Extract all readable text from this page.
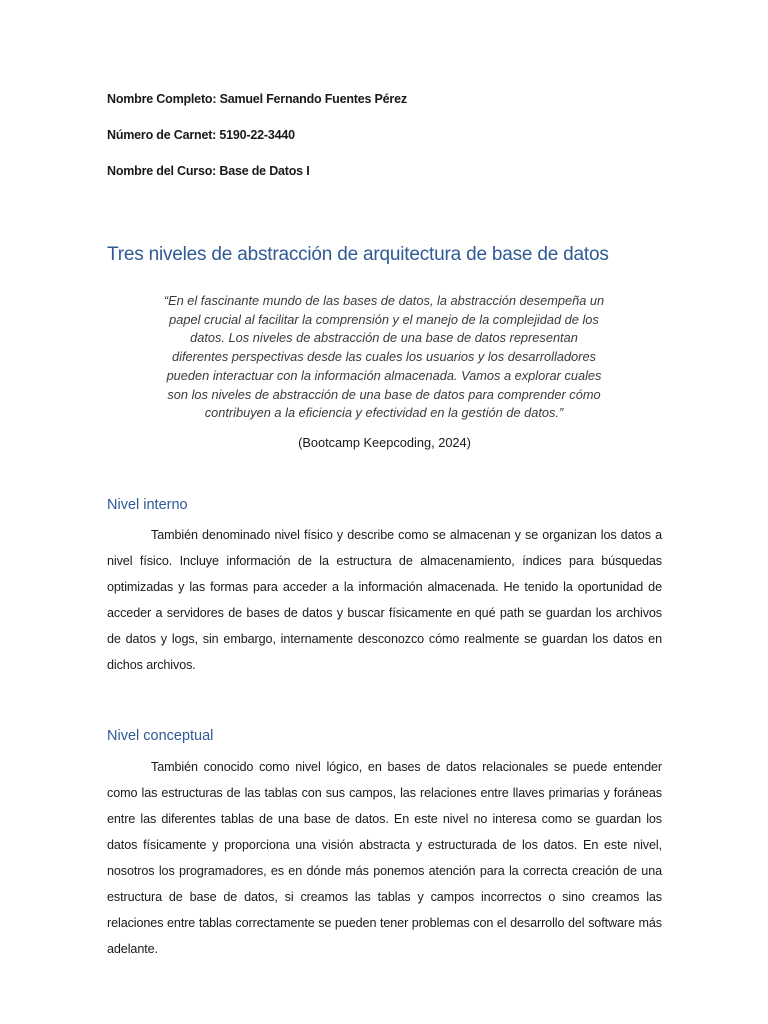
Nombre Completo: Samuel Fernando Fuentes Pérez
Número de Carnet: 5190-22-3440
Nombre del Curso: Base de Datos I
Tres niveles de abstracción de arquitectura de base de datos
“En el fascinante mundo de las bases de datos, la abstracción desempeña un papel crucial al facilitar la comprensión y el manejo de la complejidad de los datos. Los niveles de abstracción de una base de datos representan diferentes perspectivas desde las cuales los usuarios y los desarrolladores pueden interactuar con la información almacenada. Vamos a explorar cuales son los niveles de abstracción de una base de datos para comprender cómo contribuyen a la eficiencia y efectividad en la gestión de datos.”
(Bootcamp Keepcoding, 2024)
Nivel interno
También denominado nivel físico y describe como se almacenan y se organizan los datos a nivel físico. Incluye información de la estructura de almacenamiento, índices para búsquedas optimizadas y las formas para acceder a la información almacenada. He tenido la oportunidad de acceder a servidores de bases de datos y buscar físicamente en qué path se guardan los archivos de datos y logs, sin embargo, internamente desconozco cómo realmente se guardan los datos en dichos archivos.
Nivel conceptual
También conocido como nivel lógico, en bases de datos relacionales se puede entender como las estructuras de las tablas con sus campos, las relaciones entre llaves primarias y foráneas entre las diferentes tablas de una base de datos. En este nivel no interesa como se guardan los datos físicamente y proporciona una visión abstracta y estructurada de los datos. En este nivel, nosotros los programadores, es en dónde más ponemos atención para la correcta creación de una estructura de base de datos, si creamos las tablas y campos incorrectos o sino creamos las relaciones entre tablas correctamente se pueden tener problemas con el desarrollo del software más adelante.
